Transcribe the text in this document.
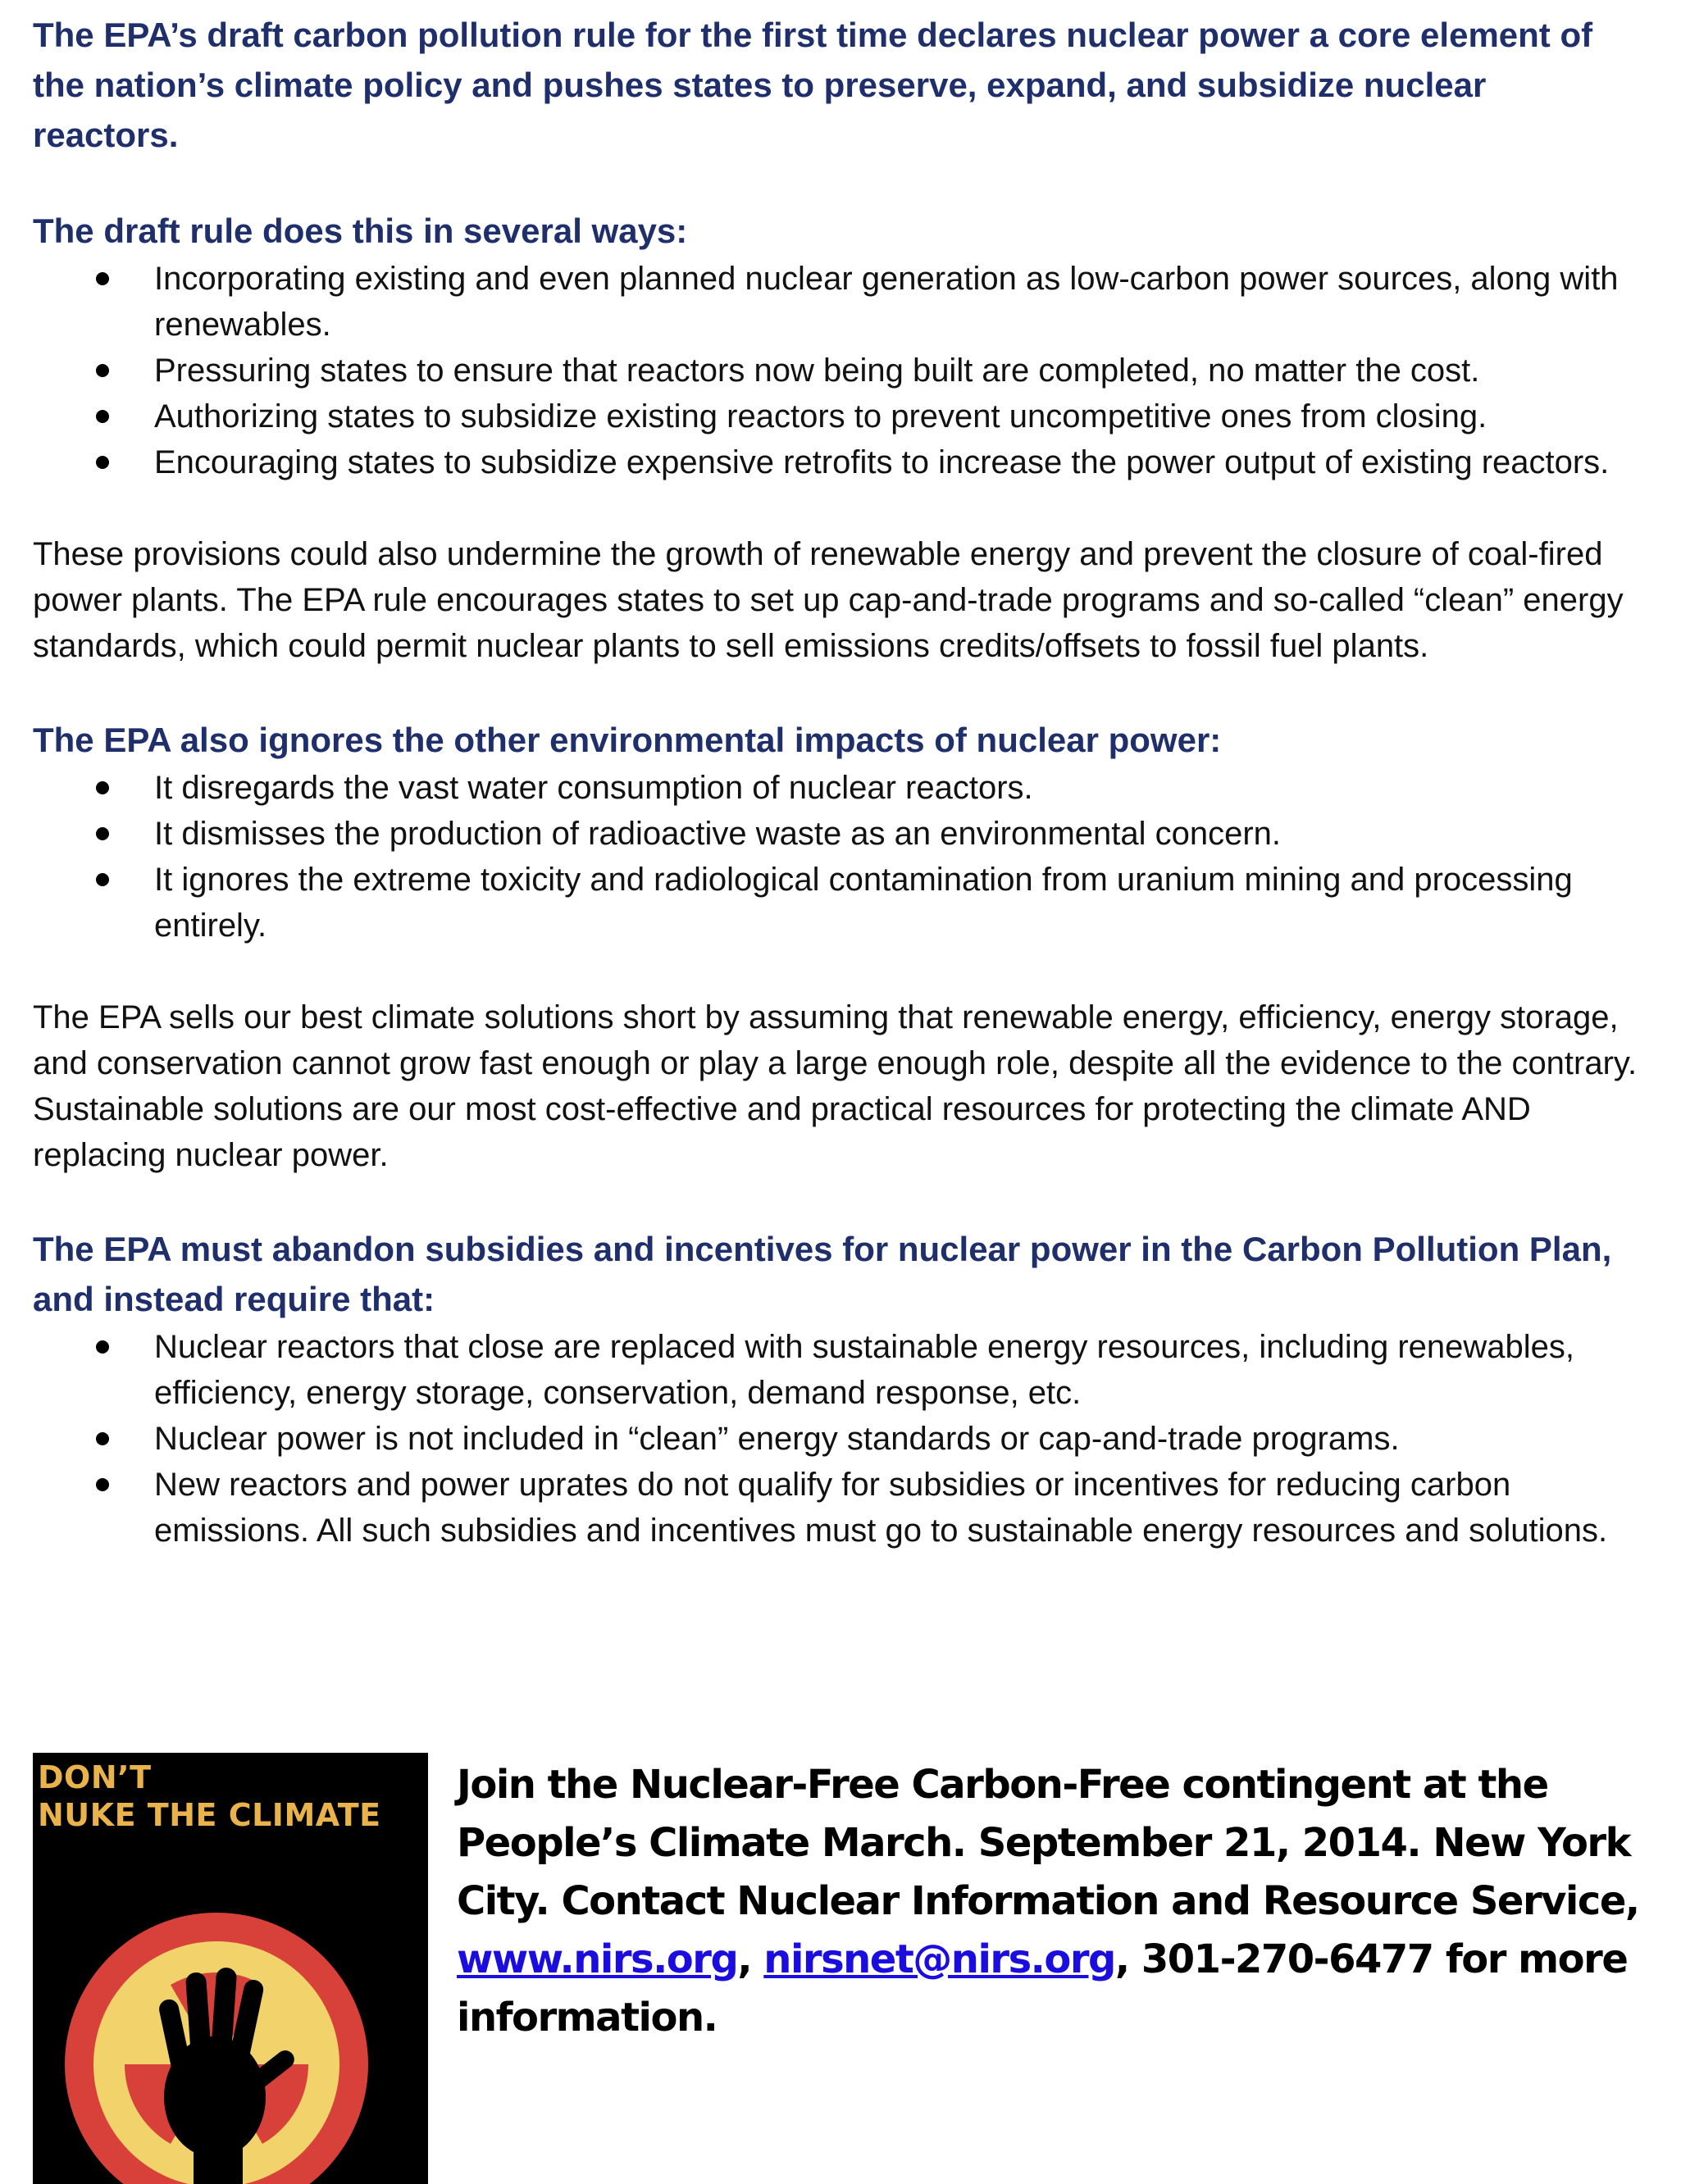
The EPA’s draft carbon pollution rule for the first time declares nuclear power a core element of the nation’s climate policy and pushes states to preserve, expand, and subsidize nuclear reactors.

The draft rule does this in several ways:

Incorporating existing and even planned nuclear generation as low-carbon power sources, along with renewables.
Pressuring states to ensure that reactors now being built are completed, no matter the cost.
Authorizing states to subsidize existing reactors to prevent uncompetitive ones from closing.
Encouraging states to subsidize expensive retrofits to increase the power output of existing reactors.

These provisions could also undermine the growth of renewable energy and prevent the closure of coal-fired power plants. The EPA rule encourages states to set up cap-and-trade programs and so-called “clean” energy standards, which could permit nuclear plants to sell emissions credits/offsets to fossil fuel plants.

The EPA also ignores the other environmental impacts of nuclear power:

It disregards the vast water consumption of nuclear reactors.
It dismisses the production of radioactive waste as an environmental concern.
It ignores the extreme toxicity and radiological contamination from uranium mining and processing entirely.

The EPA sells our best climate solutions short by assuming that renewable energy, efficiency, energy storage, and conservation cannot grow fast enough or play a large enough role, despite all the evidence to the contrary. Sustainable solutions are our most cost-effective and practical resources for protecting the climate AND replacing nuclear power.

The EPA must abandon subsidies and incentives for nuclear power in the Carbon Pollution Plan, and instead require that:

Nuclear reactors that close are replaced with sustainable energy resources, including renewables, efficiency, energy storage, conservation, demand response, etc.
Nuclear power is not included in “clean” energy standards or cap-and-trade programs.
New reactors and power uprates do not qualify for subsidies or incentives for reducing carbon emissions. All such subsidies and incentives must go to sustainable energy resources and solutions.
DON’T
NUKE THE CLIMATE
Join the Nuclear-Free Carbon-Free contingent at the People’s Climate March. September 21, 2014. New York City. Contact Nuclear Information and Resource Service, www.nirs.org, nirsnet@nirs.org, 301-270-6477 for more information.
